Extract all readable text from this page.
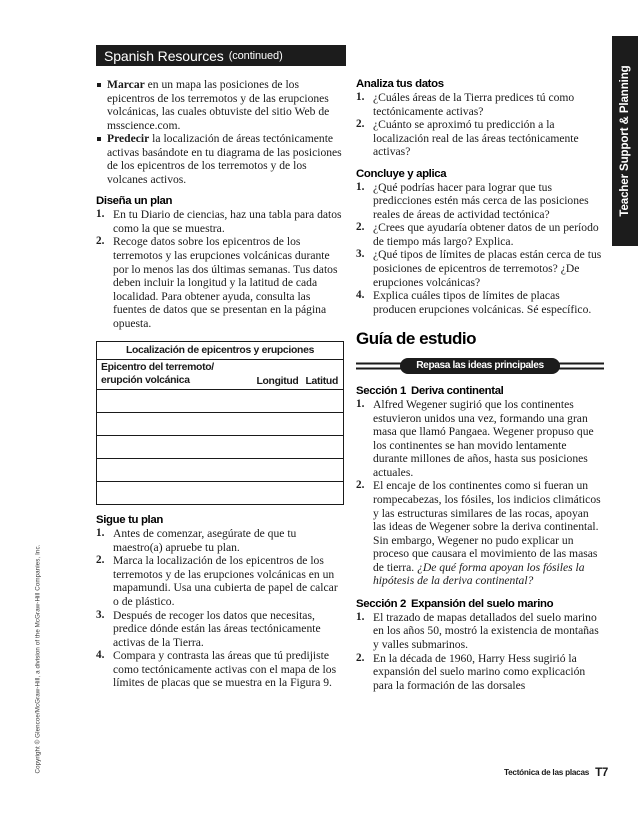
Copyright © Glencoe/McGraw-Hill, a division of the McGraw-Hill Companies, Inc.
Teacher Support & Planning
Spanish Resources (continued)
Marcar en un mapa las posiciones de los epicentros de los terremotos y de las erupciones volcánicas, las cuales obtuviste del sitio Web de msscience.com.
Predecir la localización de áreas tectónicamente activas basándote en tu diagrama de las posiciones de los epicentros de los terremotos y de los volcanes activos.
Diseña un plan
En tu Diario de ciencias, haz una tabla para datos como la que se muestra.
Recoge datos sobre los epicentros de los terremotos y las erupciones volcánicas durante por lo menos las dos últimas semanas. Tus datos deben incluir la longitud y la latitud de cada localidad. Para obtener ayuda, consulta las fuentes de datos que se presentan en la página opuesta.
Localización de epicentros y erupciones
Epicentro del terremoto/
erupción volcánica	Longitud Latitud
Sigue tu plan
Antes de comenzar, asegúrate de que tu maestro(a) apruebe tu plan.
Marca la localización de los epicentros de los terremotos y de las erupciones volcánicas en un mapamundi. Usa una cubierta de papel de calcar o de plástico.
Después de recoger los datos que necesitas, predice dónde están las áreas tectónicamente activas de la Tierra.
Compara y contrasta las áreas que tú predijiste como tectónicamente activas con el mapa de los límites de placas que se muestra en la Figura 9.
Analiza tus datos
¿Cuáles áreas de la Tierra predices tú como tectónicamente activas?
¿Cuánto se aproximó tu predicción a la localización real de las áreas tectónicamente activas?
Concluye y aplica
¿Qué podrías hacer para lograr que tus predicciones estén más cerca de las posiciones reales de áreas de actividad tectónica?
¿Crees que ayudaría obtener datos de un período de tiempo más largo? Explica.
¿Qué tipos de límites de placas están cerca de tus posiciones de epicentros de terremotos? ¿De erupciones volcánicas?
Explica cuáles tipos de límites de placas producen erupciones volcánicas. Sé específico.
Guía de estudio
Repasa las ideas principales
Sección 1 Deriva continental
Alfred Wegener sugirió que los continentes estuvieron unidos una vez, formando una gran masa que llamó Pangaea. Wegener propuso que los continentes se han movido lentamente durante millones de años, hasta sus posiciones actuales.
El encaje de los continentes como si fueran un rompecabezas, los fósiles, los indicios climáticos y las estructuras similares de las rocas, apoyan las ideas de Wegener sobre la deriva continental. Sin embargo, Wegener no pudo explicar un proceso que causara el movimiento de las masas de tierra. ¿De qué forma apoyan los fósiles la hipótesis de la deriva continental?
Sección 2 Expansión del suelo marino
El trazado de mapas detallados del suelo marino en los años 50, mostró la existencia de montañas y valles submarinos.
En la década de 1960, Harry Hess sugirió la expansión del suelo marino como explicación para la formación de las dorsales
Tectónica de las placas T7
